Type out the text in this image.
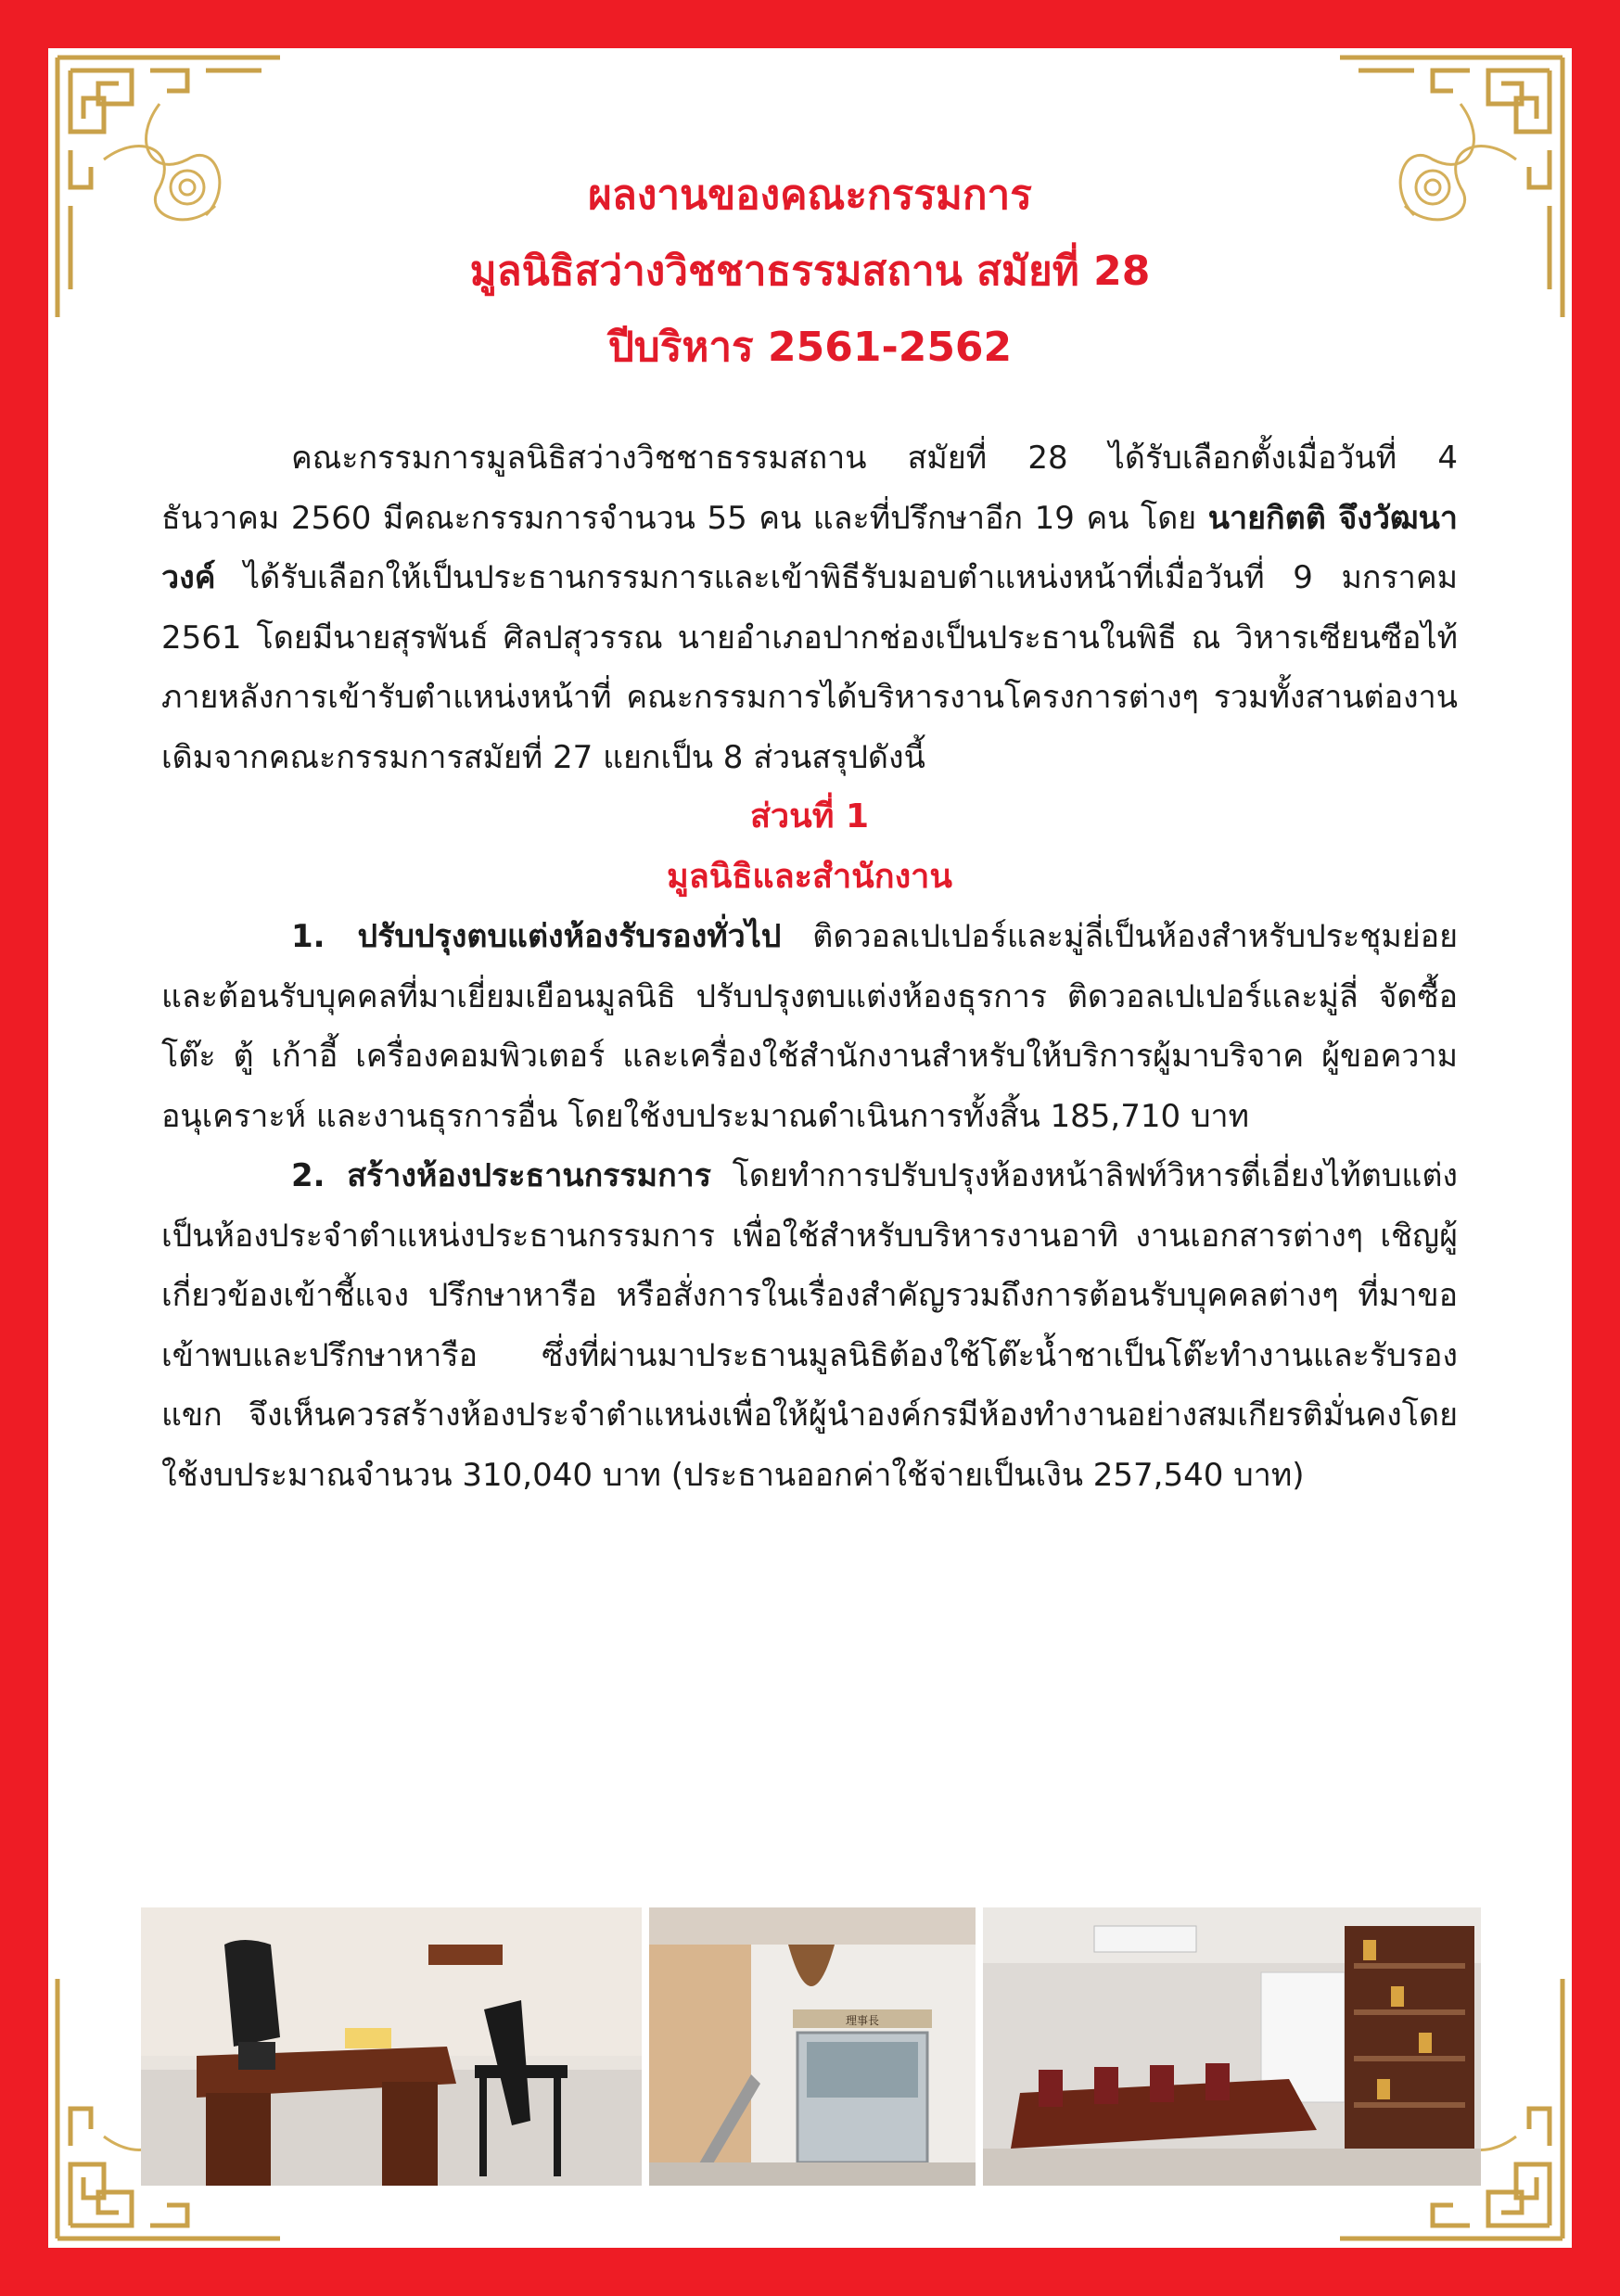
ผลงานของคณะกรรมการ

มูลนิธิสว่างวิชชาธรรมสถาน สมัยที่ 28

ปีบริหาร 2561-2562

คณะกรรมการมูลนิธิสว่างวิชชาธรรมสถาน สมัยที่ 28 ได้รับเลือกตั้งเมื่อวันที่ 4 ธันวาคม 2560 มีคณะกรรมการจำนวน 55 คน และที่ปรึกษาอีก 19 คน โดย นายกิตติ จึงวัฒนาวงค์ ได้รับเลือกให้เป็นประธานกรรมการและเข้าพิธีรับมอบตำแหน่งหน้าที่เมื่อวันที่ 9 มกราคม 2561 โดยมีนายสุรพันธ์ ศิลปสุวรรณ นายอำเภอปากช่องเป็นประธานในพิธี ณ วิหารเซียนซือไท้ ภายหลังการเข้ารับตำแหน่งหน้าที่ คณะกรรมการได้บริหารงานโครงการต่างๆ รวมทั้งสานต่องานเดิมจากคณะกรรมการสมัยที่ 27 แยกเป็น 8 ส่วนสรุปดังนี้

ส่วนที่ 1

มูลนิธิและสำนักงาน

1. ปรับปรุงตบแต่งห้องรับรองทั่วไป ติดวอลเปเปอร์และมู่ลี่เป็นห้องสำหรับประชุมย่อย และต้อนรับบุคคลที่มาเยี่ยมเยือนมูลนิธิ ปรับปรุงตบแต่งห้องธุรการ ติดวอลเปเปอร์และมู่ลี่ จัดซื้อ โต๊ะ ตู้ เก้าอี้ เครื่องคอมพิวเตอร์ และเครื่องใช้สำนักงานสำหรับให้บริการผู้มาบริจาค ผู้ขอความอนุเคราะห์ และงานธุรการอื่น โดยใช้งบประมาณดำเนินการทั้งสิ้น 185,710 บาท

2. สร้างห้องประธานกรรมการ โดยทำการปรับปรุงห้องหน้าลิฟท์วิหารตี่เอี่ยงไท้ตบแต่งเป็นห้องประจำตำแหน่งประธานกรรมการ เพื่อใช้สำหรับบริหารงานอาทิ งานเอกสารต่างๆ เชิญผู้เกี่ยวข้องเข้าชี้แจง ปรึกษาหารือ หรือสั่งการในเรื่องสำคัญรวมถึงการต้อนรับบุคคลต่างๆ ที่มาขอเข้าพบและปรึกษาหารือ ซึ่งที่ผ่านมาประธานมูลนิธิต้องใช้โต๊ะน้ำชาเป็นโต๊ะทำงานและรับรองแขก จึงเห็นควรสร้างห้องประจำตำแหน่งเพื่อให้ผู้นำองค์กรมีห้องทำงานอย่างสมเกียรติมั่นคงโดยใช้งบประมาณจำนวน 310,040 บาท (ประธานออกค่าใช้จ่ายเป็นเงิน 257,540 บาท)

理事長
